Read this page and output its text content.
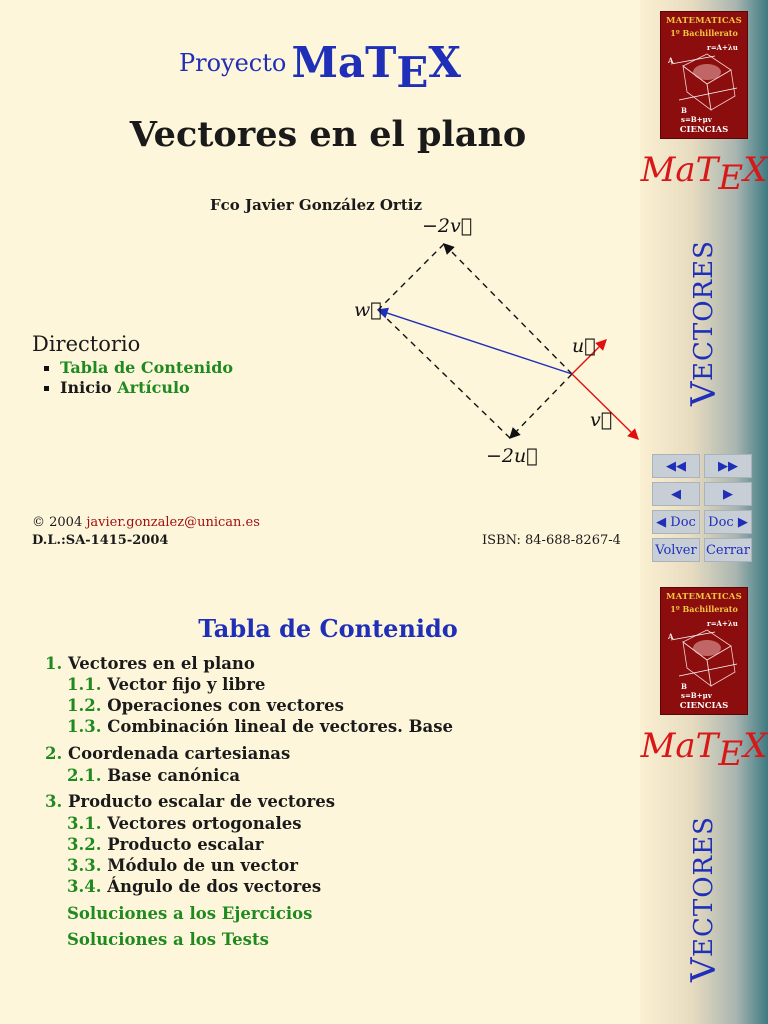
Proyecto MaTEX
Vectores en el plano
Fco Javier González Ortiz
−2v⃗
w⃗
u⃗
v⃗
−2u⃗
Directorio
Tabla de Contenido
Inicio Artículo
© 2004 javier.gonzalez@unican.es
D.L.:SA-1415-2004	ISBN: 84-688-8267-4
MATEMATICAS
1º Bachillerato
r=A+λu
A
B
s=B+μv
CIENCIAS
MaTEX
V
ECTORES
◀◀	▶▶
◀	▶
◀ Doc Doc ▶
Volver Cerrar
Tabla de Contenido
1. Vectores en el plano
1.1. Vector fijo y libre
1.2. Operaciones con vectores
1.3. Combinación lineal de vectores. Base
2. Coordenada cartesianas
2.1. Base canónica
3. Producto escalar de vectores
3.1. Vectores ortogonales
3.2. Producto escalar
3.3. Módulo de un vector
3.4. Ángulo de dos vectores
Soluciones a los Ejercicios
Soluciones a los Tests
MATEMATICAS
1º Bachillerato
r=A+λu
A
B
s=B+μv
CIENCIAS
MaTEX
V
ECTORES
